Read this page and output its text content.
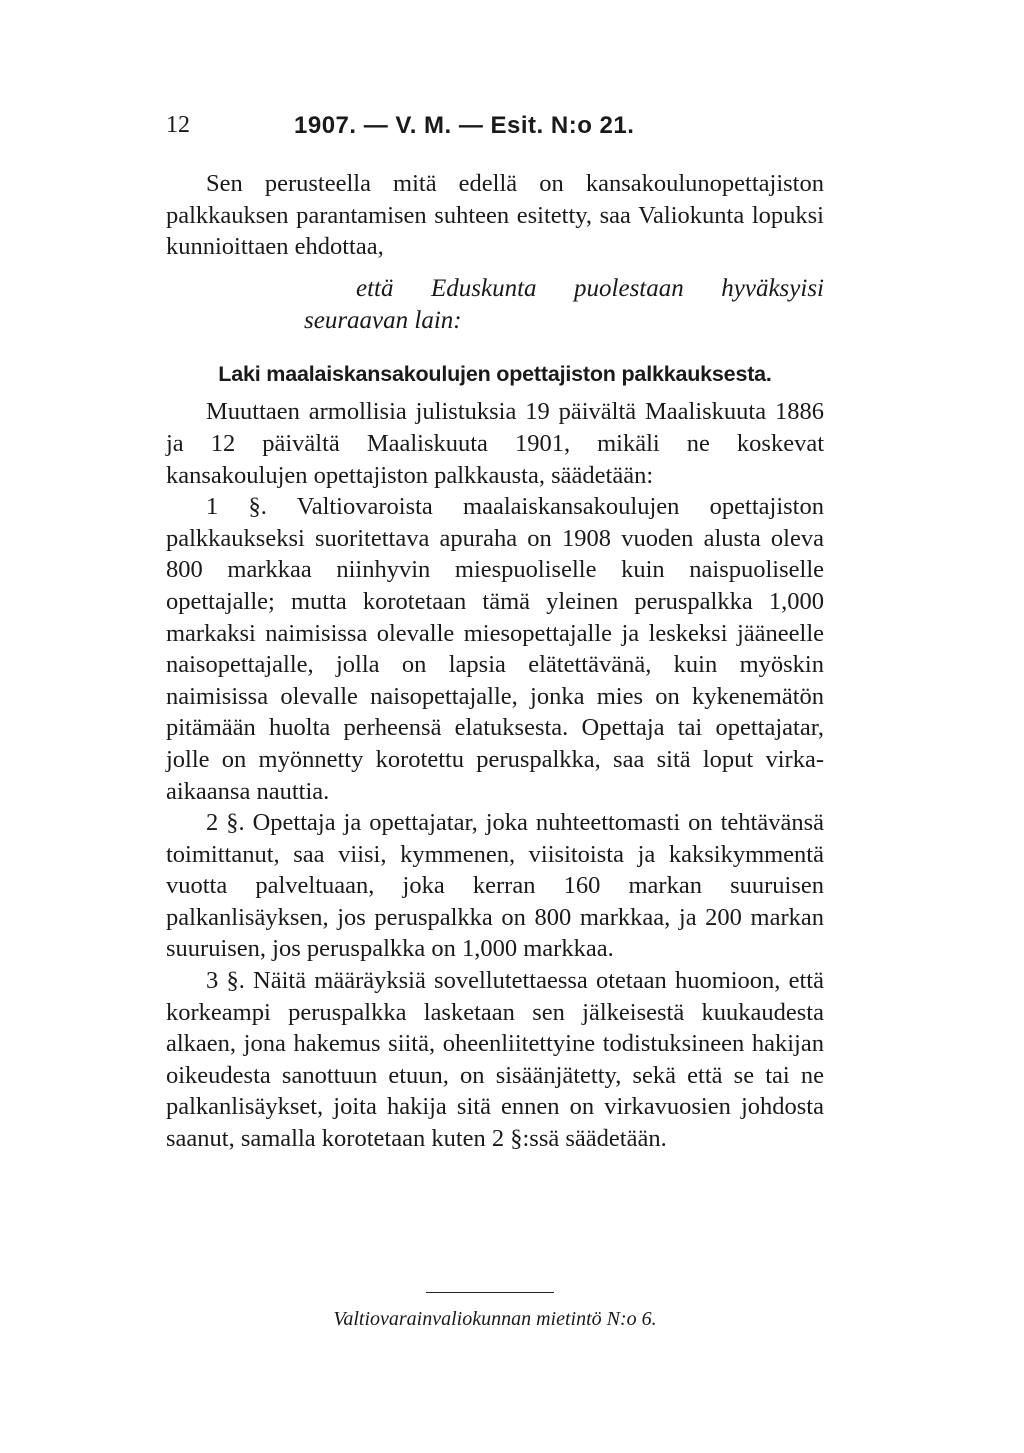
12	1907. — V. M. — Esit. N:o 21.

Sen perusteella mitä edellä on kansakoulunopettajiston palkkauksen parantamisen suhteen esitetty, saa Valiokunta lopuksi kunnioittaen ehdottaa,

että Eduskunta puolestaan hyväksyisi
seuraavan lain:
Laki maalaiskansakoulujen opettajiston palkkauksesta.

Muuttaen armollisia julistuksia 19 päivältä Maaliskuuta 1886 ja 12 päivältä Maaliskuuta 1901, mikäli ne koskevat kansakoulujen opettajiston palkkausta, säädetään:

1 §. Valtiovaroista maalaiskansakoulujen opettajiston palkkaukseksi suoritettava apuraha on 1908 vuoden alusta oleva 800 markkaa niinhyvin miespuoliselle kuin naispuoliselle opettajalle; mutta korotetaan tämä yleinen peruspalkka 1,000 markaksi naimisissa olevalle miesopettajalle ja leskeksi jääneelle naisopettajalle, jolla on lapsia elätettävänä, kuin myöskin naimisissa olevalle naisopettajalle, jonka mies on kykenemätön pitämään huolta perheensä elatuksesta. Opettaja tai opettajatar, jolle on myönnetty korotettu peruspalkka, saa sitä loput virka-aikaansa nauttia.

2 §. Opettaja ja opettajatar, joka nuhteettomasti on tehtävänsä toimittanut, saa viisi, kymmenen, viisitoista ja kaksikymmentä vuotta palveltuaan, joka kerran 160 markan suuruisen palkanlisäyksen, jos peruspalkka on 800 markkaa, ja 200 markan suuruisen, jos peruspalkka on 1,000 markkaa.

3 §. Näitä määräyksiä sovellutettaessa otetaan huomioon, että korkeampi peruspalkka lasketaan sen jälkeisestä kuukaudesta alkaen, jona hakemus siitä, oheenliitettyine todistuksineen hakijan oikeudesta sanottuun etuun, on sisäänjätetty, sekä että se tai ne palkanlisäykset, joita hakija sitä ennen on virkavuosien johdosta saanut, samalla korotetaan kuten 2 §:ssä säädetään.

Valtiovarainvaliokunnan mietintö N:o 6.
